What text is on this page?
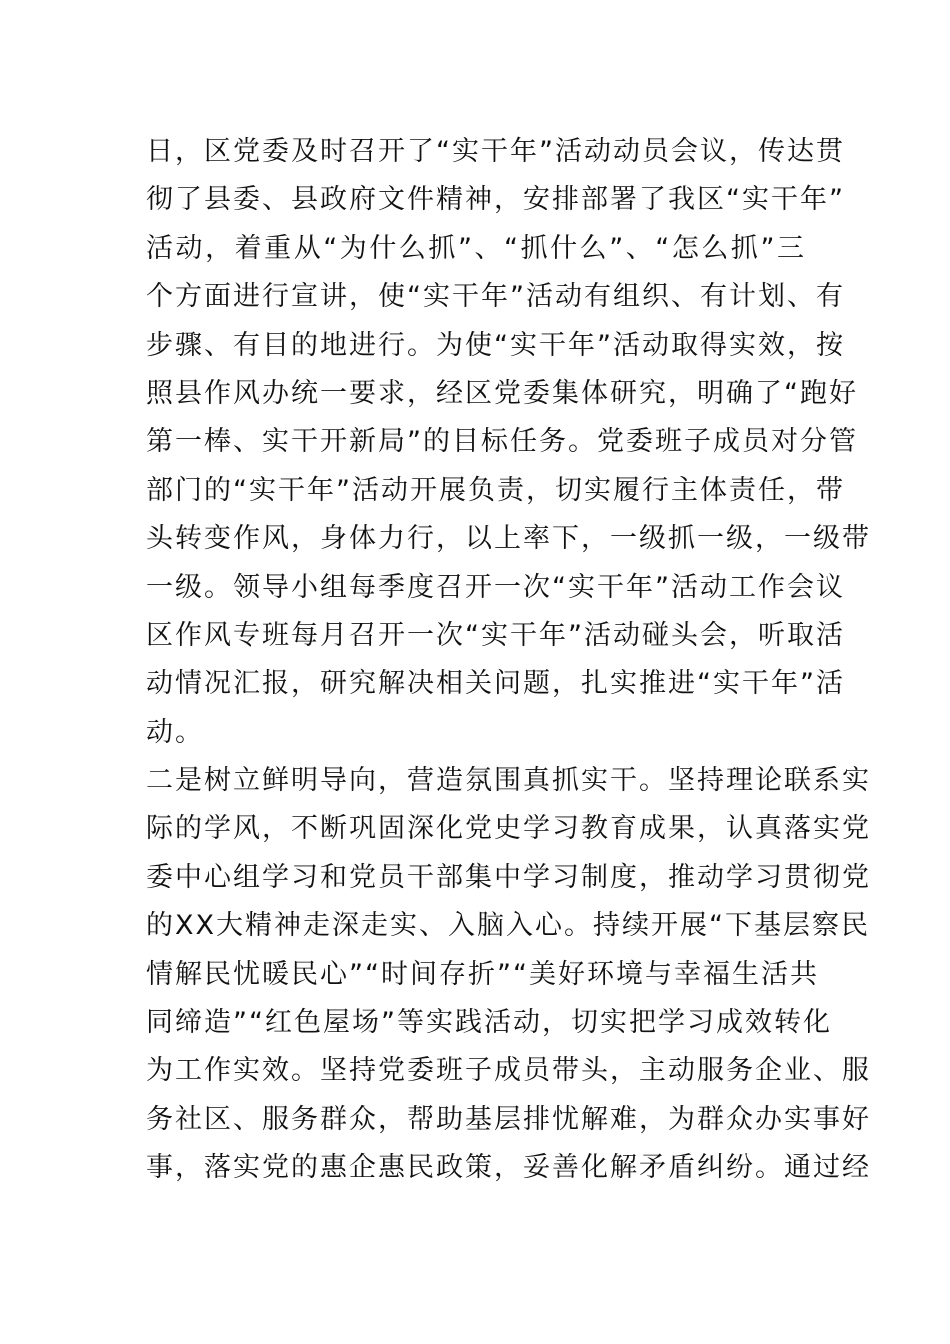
日，区党委及时召开了“实干年”活动动员会议，传达贯
彻了县委、县政府文件精神，安排部署了我区“实干年”
活动，着重从“为什么抓”、“抓什么”、“怎么抓”三
个方面进行宣讲，使“实干年”活动有组织、有计划、有
步骤、有目的地进行。为使“实干年”活动取得实效，按
照县作风办统一要求，经区党委集体研究，明确了“跑好
第一棒、实干开新局”的目标任务。党委班子成员对分管
部门的“实干年”活动开展负责，切实履行主体责任，带
头转变作风，身体力行，以上率下，一级抓一级，一级带
一级。领导小组每季度召开一次“实干年”活动工作会议
区作风专班每月召开一次“实干年”活动碰头会，听取活
动情况汇报，研究解决相关问题，扎实推进“实干年”活
动。
二是树立鲜明导向，营造氛围真抓实干。坚持理论联系实
际的学风，不断巩固深化党史学习教育成果，认真落实党
委中心组学习和党员干部集中学习制度，推动学习贯彻党
的XX大精神走深走实、入脑入心。持续开展“下基层察民
情解民忧暖民心”“时间存折”“美好环境与幸福生活共
同缔造”“红色屋场”等实践活动，切实把学习成效转化
为工作实效。坚持党委班子成员带头，主动服务企业、服
务社区、服务群众，帮助基层排忧解难，为群众办实事好
事，落实党的惠企惠民政策，妥善化解矛盾纠纷。通过经
